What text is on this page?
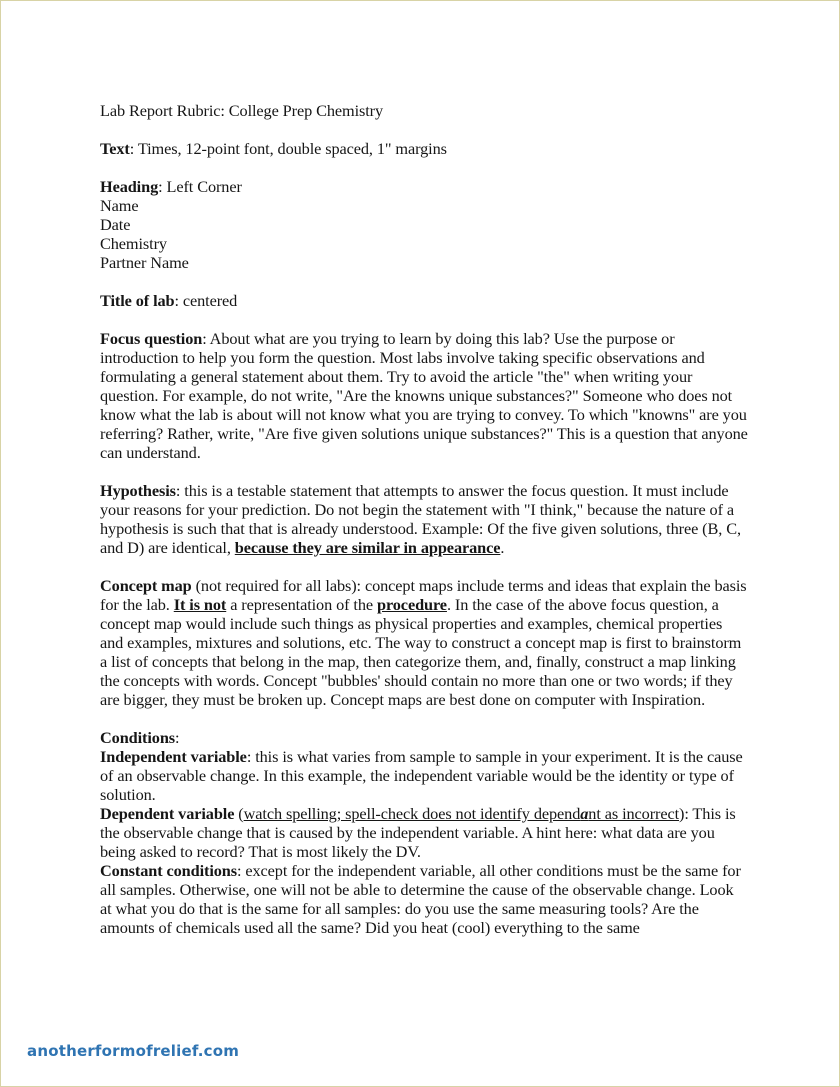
Lab Report Rubric: College Prep Chemistry

Text: Times, 12-point font, double spaced, 1" margins

Heading: Left Corner

Name

Date

Chemistry

Partner Name

Title of lab: centered

Focus question: About what are you trying to learn by doing this lab? Use the purpose or introduction to help you form the question. Most labs involve taking specific observations and formulating a general statement about them. Try to avoid the article "the" when writing your question. For example, do not write, "Are the knowns unique substances?" Someone who does not know what the lab is about will not know what you are trying to convey. To which "knowns" are you referring? Rather, write, "Are five given solutions unique substances?" This is a question that anyone can understand.

Hypothesis: this is a testable statement that attempts to answer the focus question. It must include your reasons for your prediction. Do not begin the statement with "I think," because the nature of a hypothesis is such that that is already understood. Example: Of the five given solutions, three (B, C, and D) are identical, because they are similar in appearance.

Concept map (not required for all labs): concept maps include terms and ideas that explain the basis for the lab. It is not a representation of the procedure. In the case of the above focus question, a concept map would include such things as physical properties and examples, chemical properties and examples, mixtures and solutions, etc. The way to construct a concept map is first to brainstorm a list of concepts that belong in the map, then categorize them, and, finally, construct a map linking the concepts with words. Concept "bubbles' should contain no more than one or two words; if they are bigger, they must be broken up. Concept maps are best done on computer with Inspiration.

Conditions:

Independent variable: this is what varies from sample to sample in your experiment. It is the cause of an observable change. In this example, the independent variable would be the identity or type of solution.

Dependent variable (watch spelling; spell-check does not identify dependant as incorrect): This is the observable change that is caused by the independent variable. A hint here: what data are you being asked to record? That is most likely the DV.

Constant conditions: except for the independent variable, all other conditions must be the same for all samples. Otherwise, one will not be able to determine the cause of the observable change. Look at what you do that is the same for all samples: do you use the same measuring tools? Are the amounts of chemicals used all the same? Did you heat (cool) everything to the same

anotherformofrelief.com
